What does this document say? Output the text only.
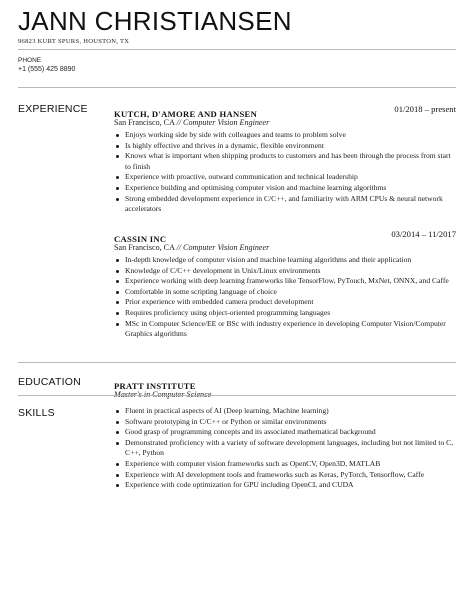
JANN CHRISTIANSEN
96823 KURT SPURS, HOUSTON, TX
PHONE
+1 (555) 425 8890
EXPERIENCE	KUTCH, D'AMORE AND HANSEN	01/2018 – present
San Francisco, CA // Computer Vision Engineer
Enjoys working side by side with colleagues and teams to problem solve
Is highly effective and thrives in a dynamic, flexible environment
Knows what is important when shipping products to customers and has been through the process from start to finish
Experience with proactive, outward communication and technical leadership
Experience building and optimising computer vision and machine learning algorithms
Strong embedded development experience in C/C++, and familiarity with ARM CPUs & neural network accelerators
CASSIN INC	03/2014 – 11/2017
San Francisco, CA // Computer Vision Engineer
In-depth knowledge of computer vision and machine learning algorithms and their application
Knowledge of C/C++ development in Unix/Linux environments
Experience working with deep learning frameworks like TensorFlow, PyTouch, MxNet, ONNX, and Caffe
Comfortable in some scripting language of choice
Prior experience with embedded camera product development
Requires proficiency using object-oriented programming languages
MSc in Computer Science/EE or BSc with industry experience in developing Computer Vision/Computer Graphics algorithms
EDUCATION	PRATT INSTITUTE
Master's in Computer Science
SKILLS	Fluent in practical aspects of AI (Deep learning, Machine learning)
Software prototyping in C/C++ or Python or similar environments
Good grasp of programming concepts and its associated mathematical background
Demonstrated proficiency with a variety of software development languages, including but not limited to C, C++, Python
Experience with computer vision frameworks such as OpenCV, Open3D, MATLAB
Experience with AI development tools and frameworks such as Keras, PyTorch, Tensorflow, Caffe
Experience with code optimization for GPU including OpenCL and CUDA
